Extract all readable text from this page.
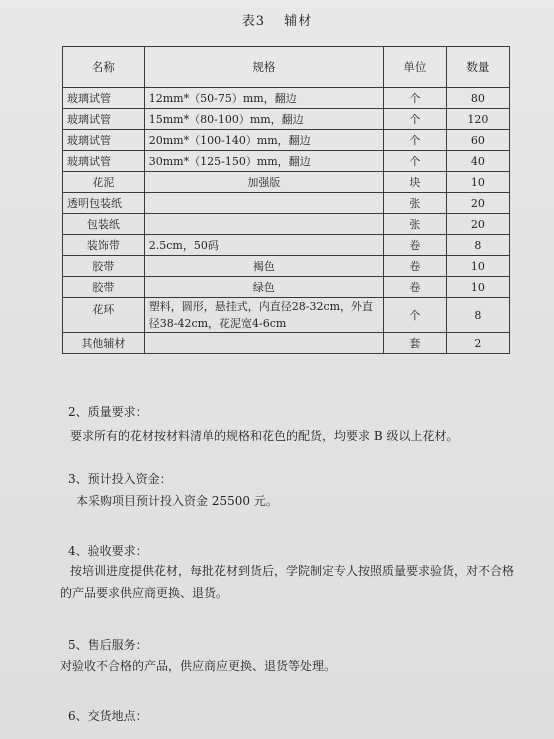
表3　 辅材
名称	规格	单位	数量
玻璃试管	12mm*（50-75）mm，翻边	个	80
玻璃试管	15mm*（80-100）mm，翻边	个	120
玻璃试管	20mm*（100-140）mm，翻边	个	60
玻璃试管	30mm*（125-150）mm，翻边	个	40
花泥	加强版	块	10
透明包装纸		张	20
包装纸		张	20
装饰带	2.5cm，50码	卷	8
胶带	褐色	卷	10
胶带	绿色	卷	10
花环	塑料，圆形，悬挂式，内直径28-32cm，外直径38-42cm，花泥宽4-6cm	个	8
其他辅材		套	2
2、质量要求：
要求所有的花材按材料清单的规格和花色的配货，均要求 B 级以上花材。
3、预计投入资金：
本采购项目预计投入资金 25500 元。
4、验收要求：
按培训进度提供花材，每批花材到货后，学院制定专人按照质量要求验货，对不合格的产品要求供应商更换、退货。
5、售后服务：
对验收不合格的产品，供应商应更换、退货等处理。
6、交货地点：
